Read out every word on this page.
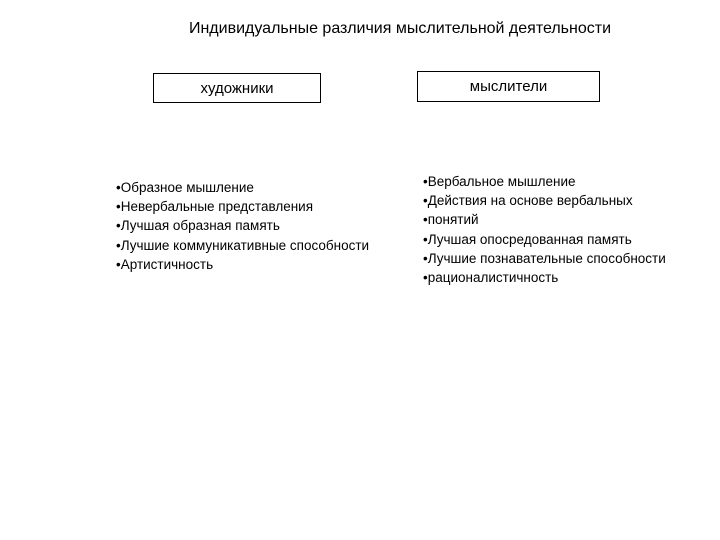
Индивидуальные различия мыслительной деятельности
художники	мыслители
•Образное мышление
•Невербальные представления
•Лучшая образная память
•Лучшие коммуникативные способности
•Артистичность
•Вербальное мышление
•Действия на основе вербальных
•понятий
•Лучшая опосредованная память
•Лучшие познавательные способности
•рационалистичность
